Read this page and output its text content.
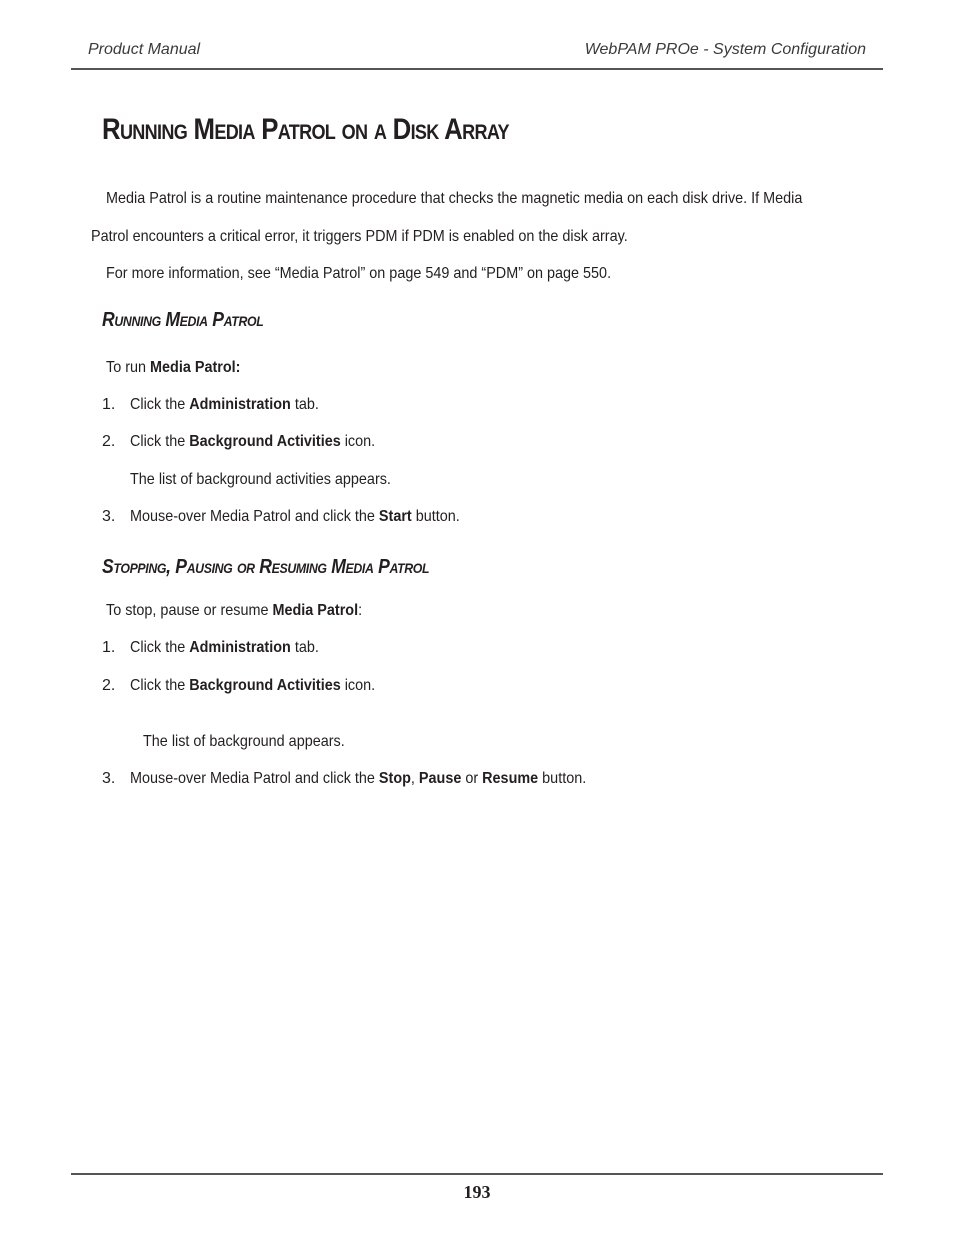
Product Manual	WebPAM PROe - System Configuration
Running Media Patrol on a Disk Array
Media Patrol is a routine maintenance procedure that checks the magnetic media on each disk drive. If Media
Patrol encounters a critical error, it triggers PDM if PDM is enabled on the disk array.
For more information, see “Media Patrol” on page 549 and “PDM” on page 550.
Running Media Patrol
To run Media Patrol:
1. Click the Administration tab.
2. Click the Background Activities icon.
The list of background activities appears.
3. Mouse-over Media Patrol and click the Start button.
Stopping, Pausing or Resuming Media Patrol
To stop, pause or resume Media Patrol:
1. Click the Administration tab.
2. Click the Background Activities icon.
The list of background appears.
3. Mouse-over Media Patrol and click the Stop, Pause or Resume button.
193
